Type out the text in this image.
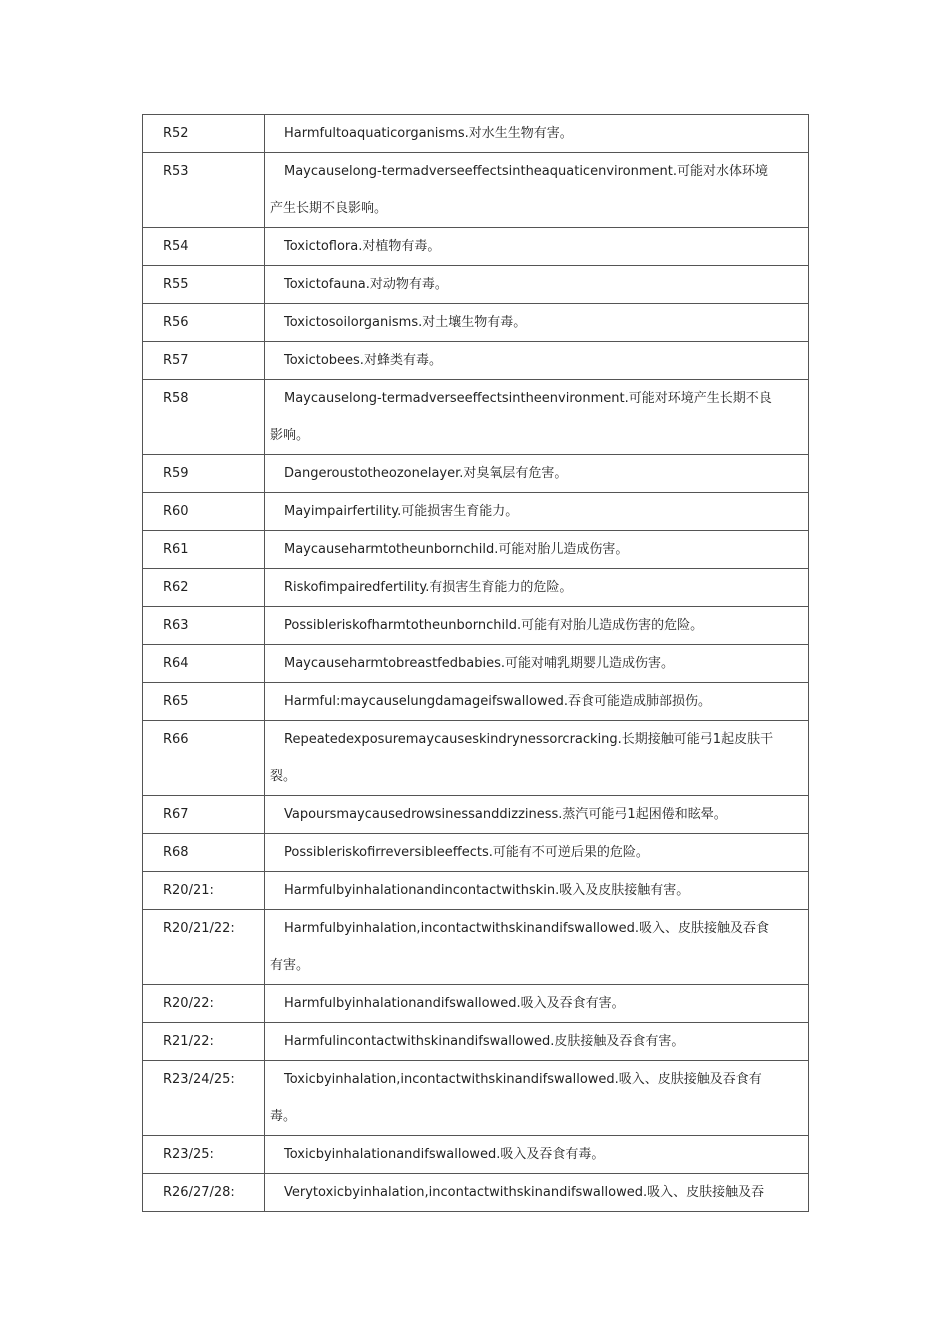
R52	Harmfultoaquaticorganisms.对水生生物有害。

R53	Maycauselong-termadverseeffectsintheaquaticenvironment.可能对水体环境产生长期不良影响。

R54	Toxictoflora.对植物有毒。

R55	Toxictofauna.对动物有毒。

R56	Toxictosoilorganisms.对土壤生物有毒。

R57	Toxictobees.对蜂类有毒。

R58	Maycauselong-termadverseeffectsintheenvironment.可能对环境产生长期不良影响。

R59	Dangeroustotheozonelayer.对臭氧层有危害。

R60	Mayimpairfertility.可能损害生育能力。

R61	Maycauseharmtotheunbornchild.可能对胎儿造成伤害。

R62	Riskofimpairedfertility.有损害生育能力的危险。

R63	Possibleriskofharmtotheunbornchild.可能有对胎儿造成伤害的危险。

R64	Maycauseharmtobreastfedbabies.可能对哺乳期婴儿造成伤害。

R65	Harmful:maycauselungdamageifswallowed.吞食可能造成肺部损伤。

R66	Repeatedexposuremaycauseskindrynessorcracking.长期接触可能弓1起皮肤干裂。

R67	Vapoursmaycausedrowsinessanddizziness.蒸汽可能弓1起困倦和眩晕。

R68	Possibleriskofirreversibleeffects.可能有不可逆后果的危险。

R20/21:	Harmfulbyinhalationandincontactwithskin.吸入及皮肤接触有害。

R20/21/22:	Harmfulbyinhalation,incontactwithskinandifswallowed.吸入、皮肤接触及吞食有害。

R20/22:	Harmfulbyinhalationandifswallowed.吸入及吞食有害。

R21/22:	Harmfulincontactwithskinandifswallowed.皮肤接触及吞食有害。

R23/24/25:	Toxicbyinhalation,incontactwithskinandifswallowed.吸入、皮肤接触及吞食有毒。

R23/25:	Toxicbyinhalationandifswallowed.吸入及吞食有毒。

R26/27/28:	Verytoxicbyinhalation,incontactwithskinandifswallowed.吸入、皮肤接触及吞
